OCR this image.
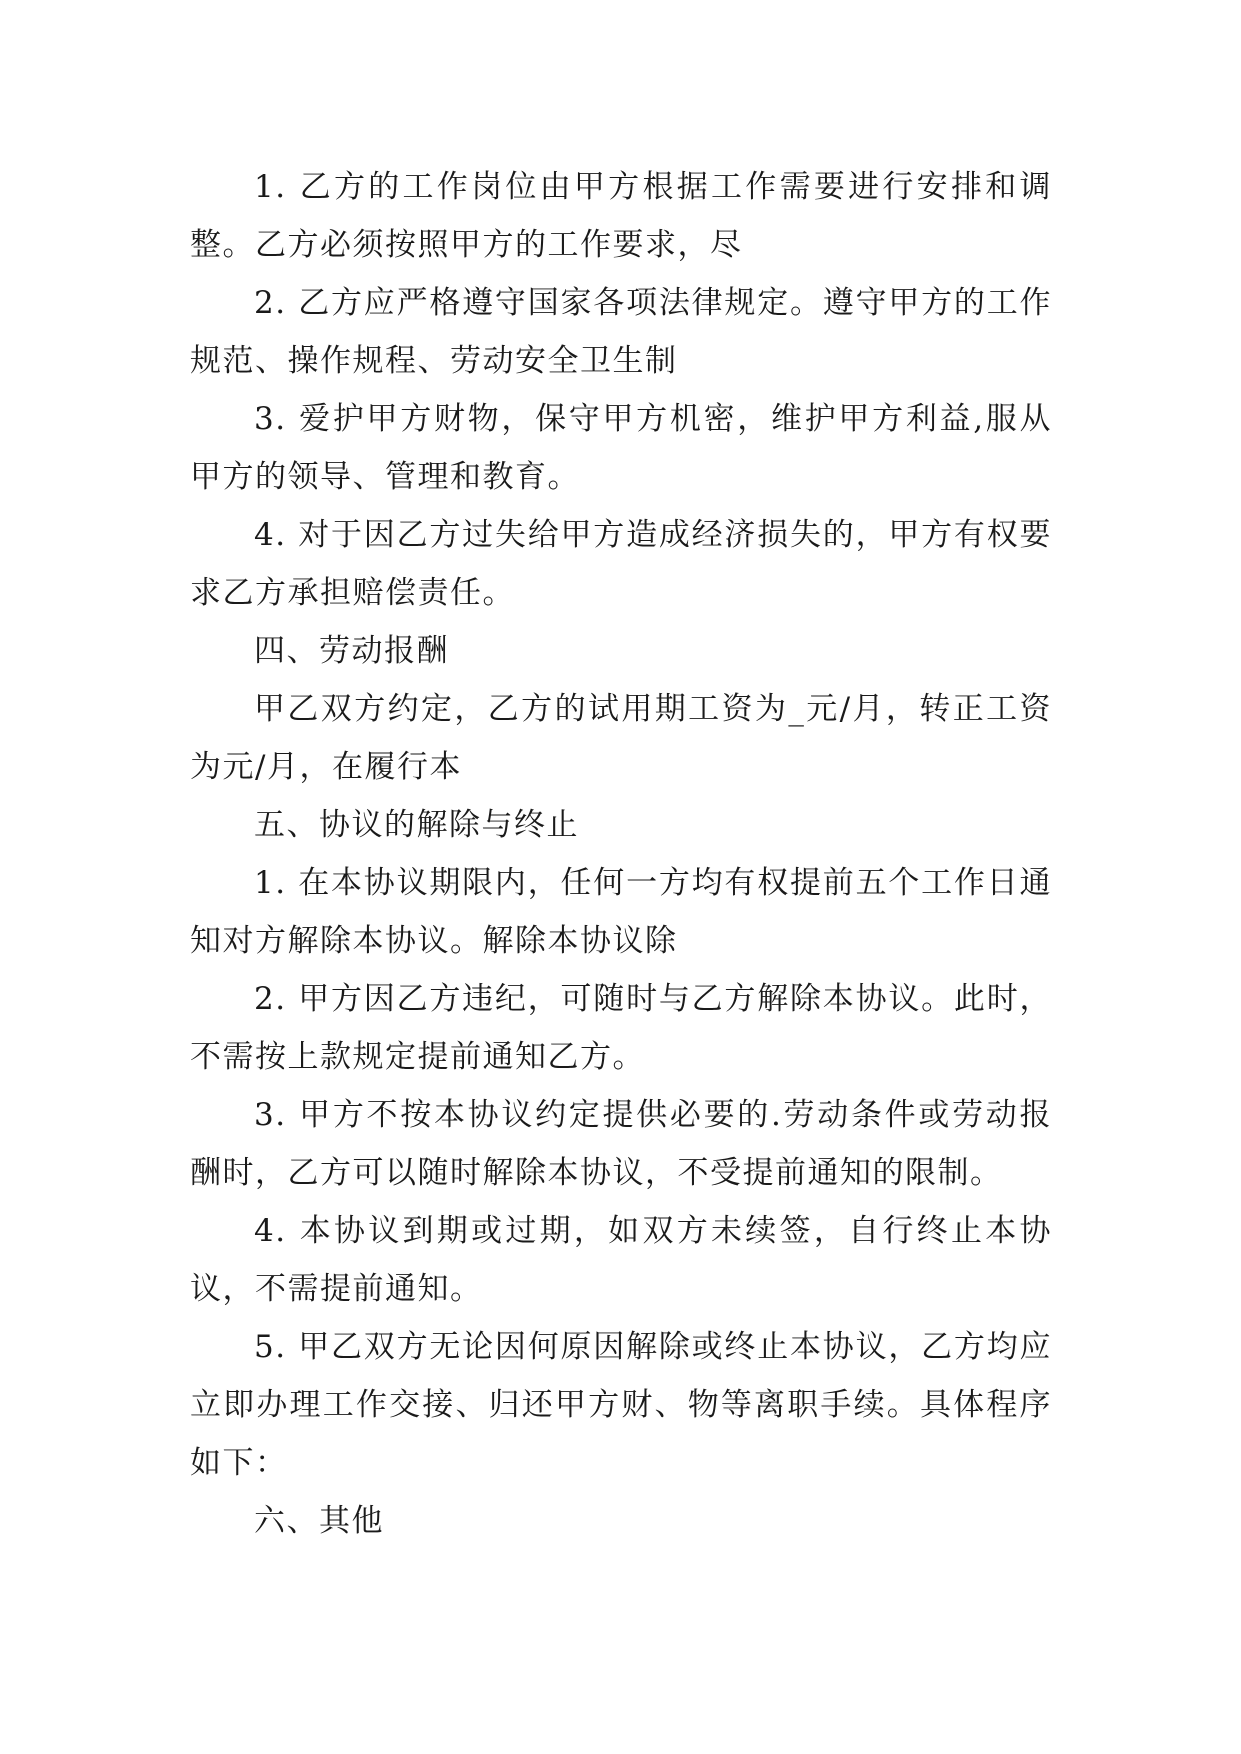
1. 乙方的工作岗位由甲方根据工作需要进行安排和调整。乙方必须按照甲方的工作要求，尽

2. 乙方应严格遵守国家各项法律规定。遵守甲方的工作规范、操作规程、劳动安全卫生制

3. 爱护甲方财物，保守甲方机密，维护甲方利益,服从甲方的领导、管理和教育。

4. 对于因乙方过失给甲方造成经济损失的，甲方有权要求乙方承担赔偿责任。

四、劳动报酬

甲乙双方约定，乙方的试用期工资为_元/月，转正工资为元/月，在履行本

五、协议的解除与终止

1. 在本协议期限内，任何一方均有权提前五个工作日通知对方解除本协议。解除本协议除

2. 甲方因乙方违纪，可随时与乙方解除本协议。此时，不需按上款规定提前通知乙方。

3. 甲方不按本协议约定提供必要的.劳动条件或劳动报酬时，乙方可以随时解除本协议，不受提前通知的限制。

4. 本协议到期或过期，如双方未续签，自行终止本协议，不需提前通知。

5. 甲乙双方无论因何原因解除或终止本协议，乙方均应立即办理工作交接、归还甲方财、物等离职手续。具体程序如下：

六、其他
